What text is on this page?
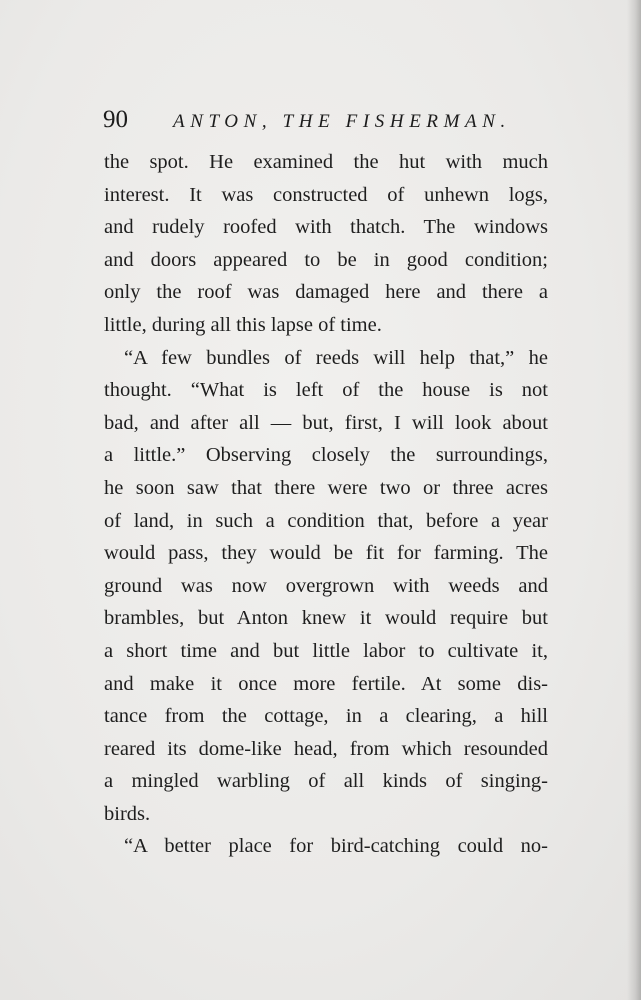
90 ANTON, THE FISHERMAN.
the spot. He examined the hut with much
interest. It was constructed of unhewn logs,
and rudely roofed with thatch. The windows
and doors appeared to be in good condition;
only the roof was damaged here and there a
little, during all this lapse of time.
“A few bundles of reeds will help that,” he
thought. “What is left of the house is not
bad, and after all — but, first, I will look about
a little.” Observing closely the surroundings,
he soon saw that there were two or three acres
of land, in such a condition that, before a year
would pass, they would be fit for farming. The
ground was now overgrown with weeds and
brambles, but Anton knew it would require but
a short time and but little labor to cultivate it,
and make it once more fertile. At some dis-
tance from the cottage, in a clearing, a hill
reared its dome-like head, from which resounded
a mingled warbling of all kinds of singing-
birds.
“A better place for bird-catching could no-
